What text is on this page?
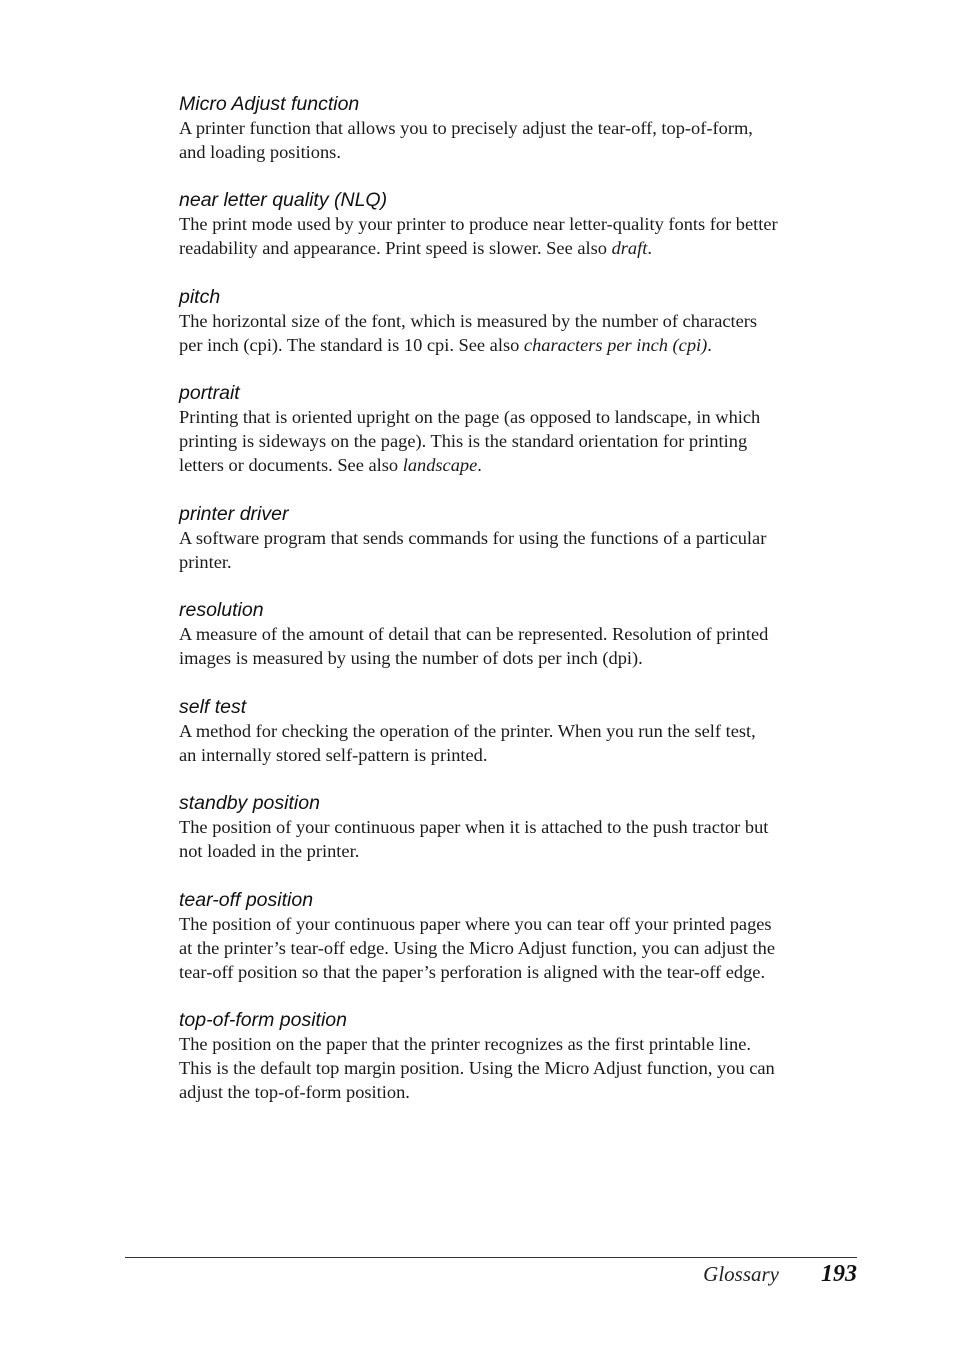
Micro Adjust function

A printer function that allows you to precisely adjust the tear-off, top-of-form,
and loading positions.

near letter quality (NLQ)

The print mode used by your printer to produce near letter-quality fonts for better
readability and appearance. Print speed is slower. See also draft.

pitch

The horizontal size of the font, which is measured by the number of characters
per inch (cpi). The standard is 10 cpi. See also characters per inch (cpi).

portrait

Printing that is oriented upright on the page (as opposed to landscape, in which
printing is sideways on the page). This is the standard orientation for printing
letters or documents. See also landscape.

printer driver

A software program that sends commands for using the functions of a particular
printer.

resolution

A measure of the amount of detail that can be represented. Resolution of printed
images is measured by using the number of dots per inch (dpi).

self test

A method for checking the operation of the printer. When you run the self test,
an internally stored self-pattern is printed.

standby position

The position of your continuous paper when it is attached to the push tractor but
not loaded in the printer.

tear-off position

The position of your continuous paper where you can tear off your printed pages
at the printer’s tear-off edge. Using the Micro Adjust function, you can adjust the
tear-off position so that the paper’s perforation is aligned with the tear-off edge.

top-of-form position

The position on the paper that the printer recognizes as the first printable line.
This is the default top margin position. Using the Micro Adjust function, you can
adjust the top-of-form position.

Glossary 193
